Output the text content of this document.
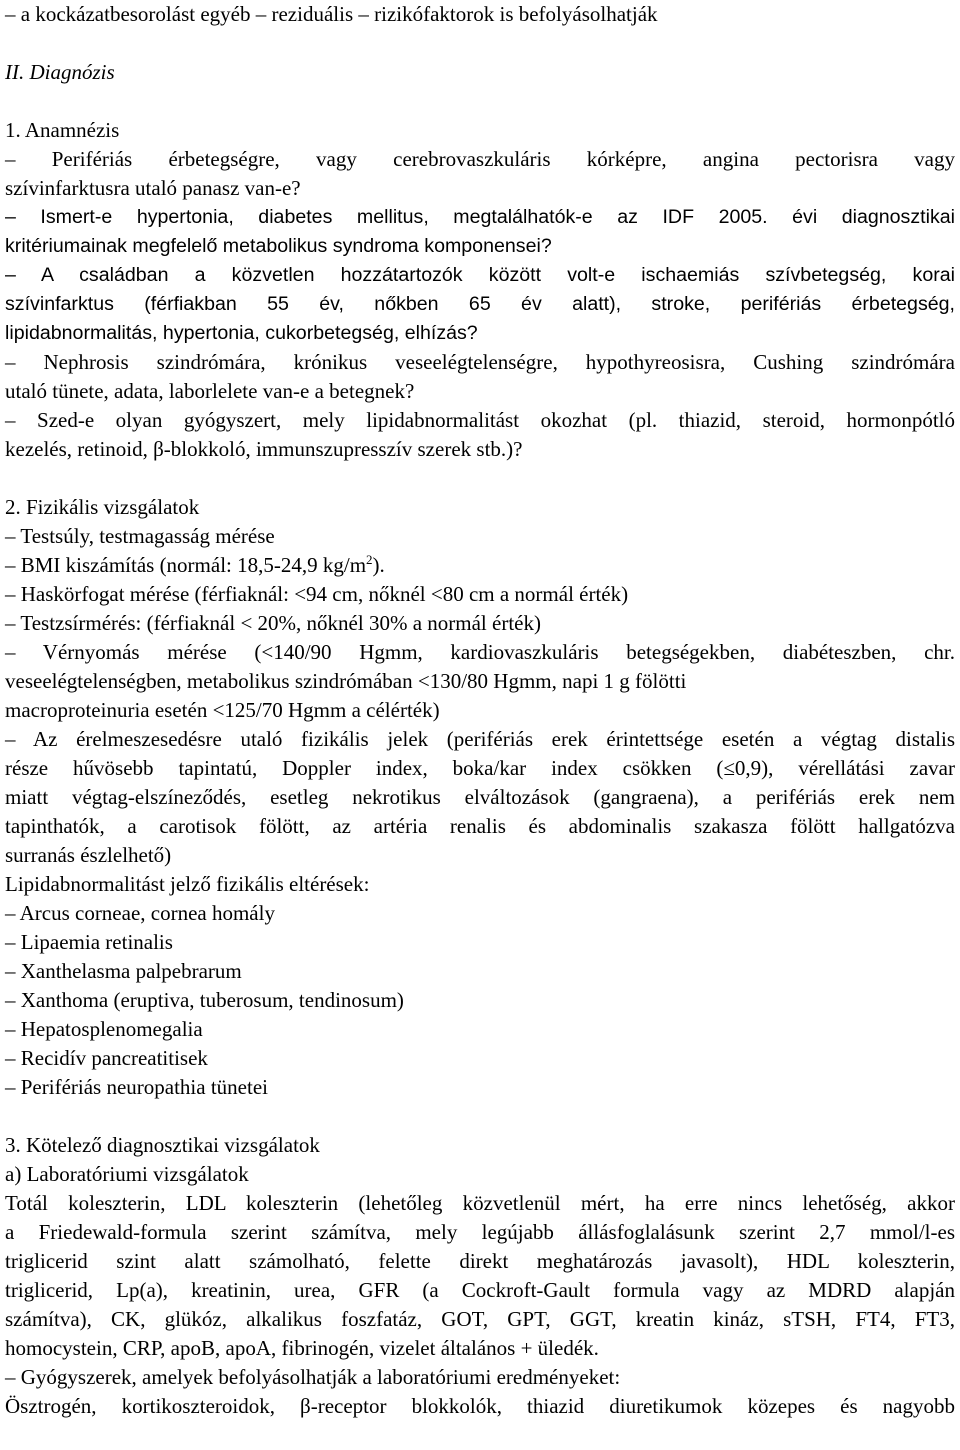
– a kockázatbesorolást egyéb – reziduális – rizikófaktorok is befolyásolhatják
II. Diagnózis
1. Anamnézis
– Perifériás érbetegségre, vagy cerebrovaszkuláris kórképre, angina pectorisra vagy
szívinfarktusra utaló panasz van-e?
– Ismert-e hypertonia, diabetes mellitus, megtalálhatók-e az IDF 2005. évi diagnosztikai
kritériumainak megfelelő metabolikus syndroma komponensei?
– A családban a közvetlen hozzátartozók között volt-e ischaemiás szívbetegség, korai
szívinfarktus (férfiakban 55 év, nőkben 65 év alatt), stroke, perifériás érbetegség,
lipidabnormalitás, hypertonia, cukorbetegség, elhízás?
– Nephrosis szindrómára, krónikus veseelégtelenségre, hypothyreosisra, Cushing szindrómára
utaló tünete, adata, laborlelete van-e a betegnek?
– Szed-e olyan gyógyszert, mely lipidabnormalitást okozhat (pl. thiazid, steroid, hormonpótló
kezelés, retinoid, β-blokkoló, immunszupresszív szerek stb.)?
2. Fizikális vizsgálatok
– Testsúly, testmagasság mérése
– BMI kiszámítás (normál: 18,5-24,9 $kg/m^2$).
– Haskörfogat mérése (férfiaknál: <94 cm, nőknél <80 cm a normál érték)
– Testzsírmérés: (férfiaknál < 20%, nőknél 30% a normál érték)
– Vérnyomás mérése (<140/90 Hgmm, kardiovaszkuláris betegségekben, diabéteszben, chr.
veseelégtelenségben, metabolikus szindrómában <130/80 Hgmm, napi 1 g fölötti
macroproteinuria esetén <125/70 Hgmm a célérték)
– Az érelmeszesedésre utaló fizikális jelek (perifériás erek érintettsége esetén a végtag distalis
része hűvösebb tapintatú, Doppler index, boka/kar index csökken (≤0,9), vérellátási zavar
miatt végtag-elszíneződés, esetleg nekrotikus elváltozások (gangraena), a perifériás erek nem
tapinthatók, a carotisok fölött, az artéria renalis és abdominalis szakasza fölött hallgatózva
surranás észlelhető)
Lipidabnormalitást jelző fizikális eltérések:
– Arcus corneae, cornea homály
– Lipaemia retinalis
– Xanthelasma palpebrarum
– Xanthoma (eruptiva, tuberosum, tendinosum)
– Hepatosplenomegalia
– Recidív pancreatitisek
– Perifériás neuropathia tünetei
3. Kötelező diagnosztikai vizsgálatok
a) Laboratóriumi vizsgálatok
Totál koleszterin, LDL koleszterin (lehetőleg közvetlenül mért, ha erre nincs lehetőség, akkor
a Friedewald-formula szerint számítva, mely legújabb állásfoglalásunk szerint 2,7 mmol/l-es
triglicerid szint alatt számolható, felette direkt meghatározás javasolt), HDL koleszterin,
triglicerid, Lp(a), kreatinin, urea, GFR (a Cockroft-Gault formula vagy az MDRD alapján
számítva), CK, glükóz, alkalikus foszfatáz, GOT, GPT, GGT, kreatin kináz, sTSH, FT4, FT3,
homocystein, CRP, apoB, apoA, fibrinogén, vizelet általános + üledék.
– Gyógyszerek, amelyek befolyásolhatják a laboratóriumi eredményeket:
Ösztrogén, kortikoszteroidok, β-receptor blokkolók, thiazid diuretikumok közepes és nagyobb
